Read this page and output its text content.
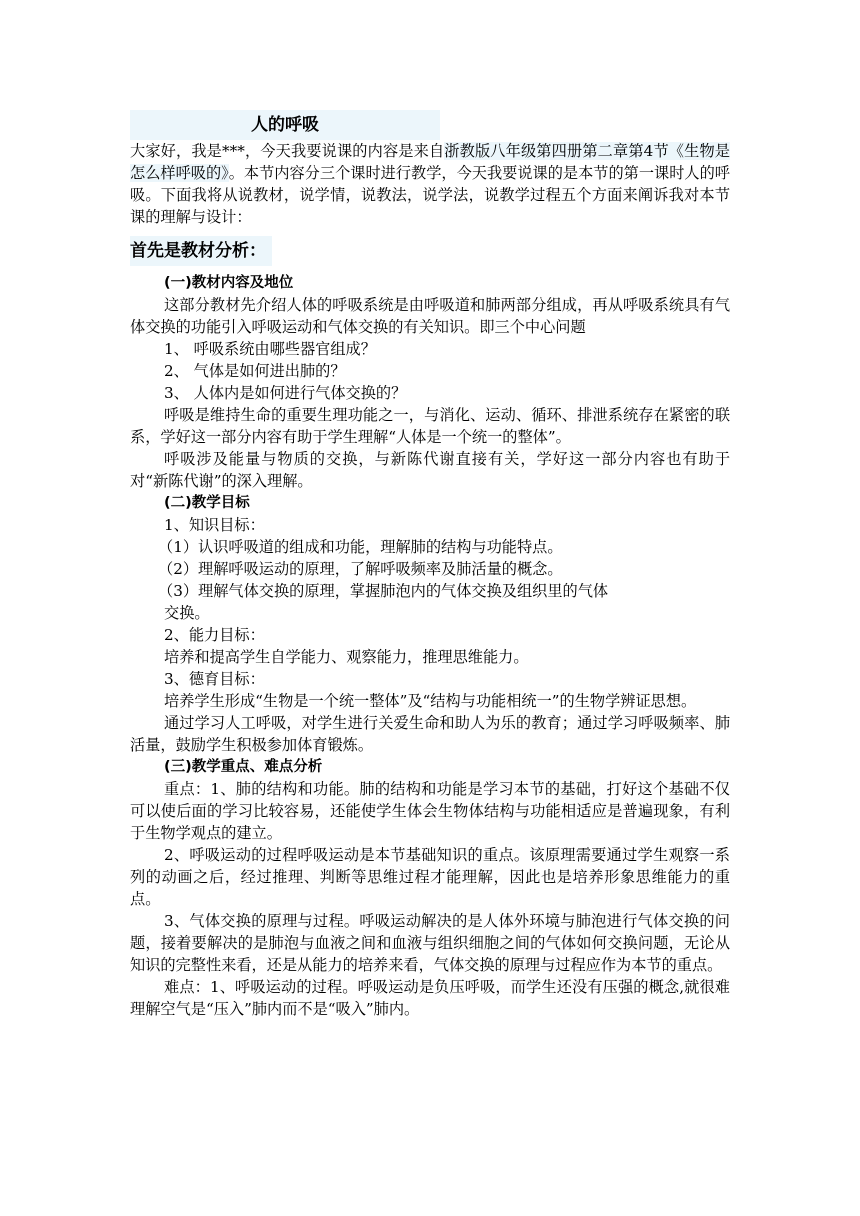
人的呼吸

大家好，我是***，今天我要说课的内容是来自浙教版八年级第四册第二章第4节《生物是怎么样呼吸的》。本节内容分三个课时进行教学，今天我要说课的是本节的第一课时人的呼吸。下面我将从说教材，说学情，说教法，说学法，说教学过程五个方面来阐诉我对本节课的理解与设计：

首先是教材分析：
(一)教材内容及地位

这部分教材先介绍人体的呼吸系统是由呼吸道和肺两部分组成，再从呼吸系统具有气体交换的功能引入呼吸运动和气体交换的有关知识。即三个中心问题

1、 呼吸系统由哪些器官组成？
2、 气体是如何进出肺的？
3、 人体内是如何进行气体交换的？

呼吸是维持生命的重要生理功能之一，与消化、运动、循环、排泄系统存在紧密的联系，学好这一部分内容有助于学生理解“人体是一个统一的整体”。

呼吸涉及能量与物质的交换，与新陈代谢直接有关，学好这一部分内容也有助于对“新陈代谢”的深入理解。

(二)教学目标
1、知识目标：
（1）认识呼吸道的组成和功能，理解肺的结构与功能特点。
（2）理解呼吸运动的原理，了解呼吸频率及肺活量的概念。
（3）理解气体交换的原理，掌握肺泡内的气体交换及组织里的气体
交换。
2、能力目标：
培养和提高学生自学能力、观察能力，推理思维能力。
3、德育目标：

培养学生形成“生物是一个统一整体”及“结构与功能相统一”的生物学辨证思想。

通过学习人工呼吸，对学生进行关爱生命和助人为乐的教育；通过学习呼吸频率、肺活量，鼓励学生积极参加体育锻炼。

(三)教学重点、难点分析

重点：1、肺的结构和功能。肺的结构和功能是学习本节的基础，打好这个基础不仅可以使后面的学习比较容易，还能使学生体会生物体结构与功能相适应是普遍现象，有利于生物学观点的建立。

2、呼吸运动的过程呼吸运动是本节基础知识的重点。该原理需要通过学生观察一系列的动画之后，经过推理、判断等思维过程才能理解，因此也是培养形象思维能力的重点。

3、气体交换的原理与过程。呼吸运动解决的是人体外环境与肺泡进行气体交换的问题，接着要解决的是肺泡与血液之间和血液与组织细胞之间的气体如何交换问题，无论从知识的完整性来看，还是从能力的培养来看，气体交换的原理与过程应作为本节的重点。

难点：1、呼吸运动的过程。呼吸运动是负压呼吸，而学生还没有压强的概念,就很难理解空气是“压入”肺内而不是“吸入”肺内。
